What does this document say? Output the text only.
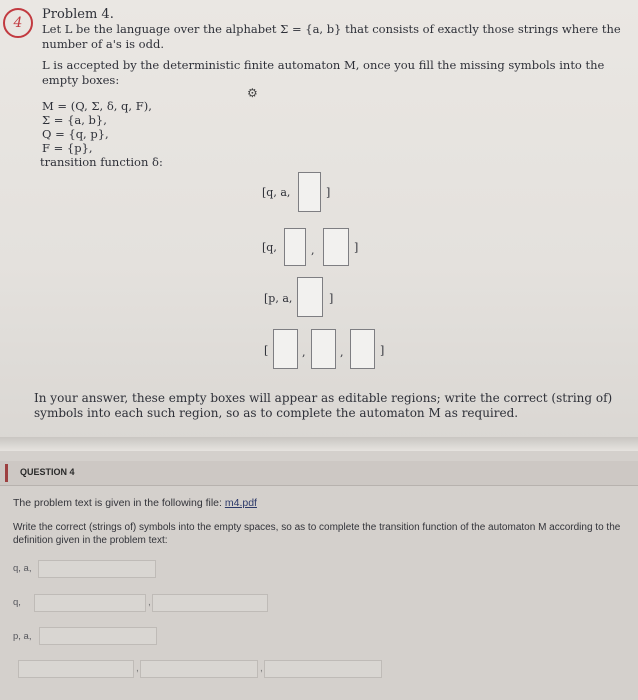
4
Problem 4.
Let L be the language over the alphabet Σ = {a, b} that consists of exactly those strings where the
number of a's is odd.
L is accepted by the deterministic finite automaton M, once you fill the missing symbols into the
empty boxes:
⚙
M = (Q, Σ, δ, q, F),
Σ = {a, b},
Q = {q, p},
F = {p},
transition function δ:
[q, a,	]
[q,	,	]
[p, a,	]
[	,	,	]
In your answer, these empty boxes will appear as editable regions; write the correct (string of) symbols into each such region, so as to complete the automaton M as required.
QUESTION 4
The problem text is given in the following file: m4.pdf
Write the correct (strings of) symbols into the empty spaces, so as to complete the transition function of the automaton M according to the definition given in the problem text:
q, a,
q,	,
p, a,
,	,
